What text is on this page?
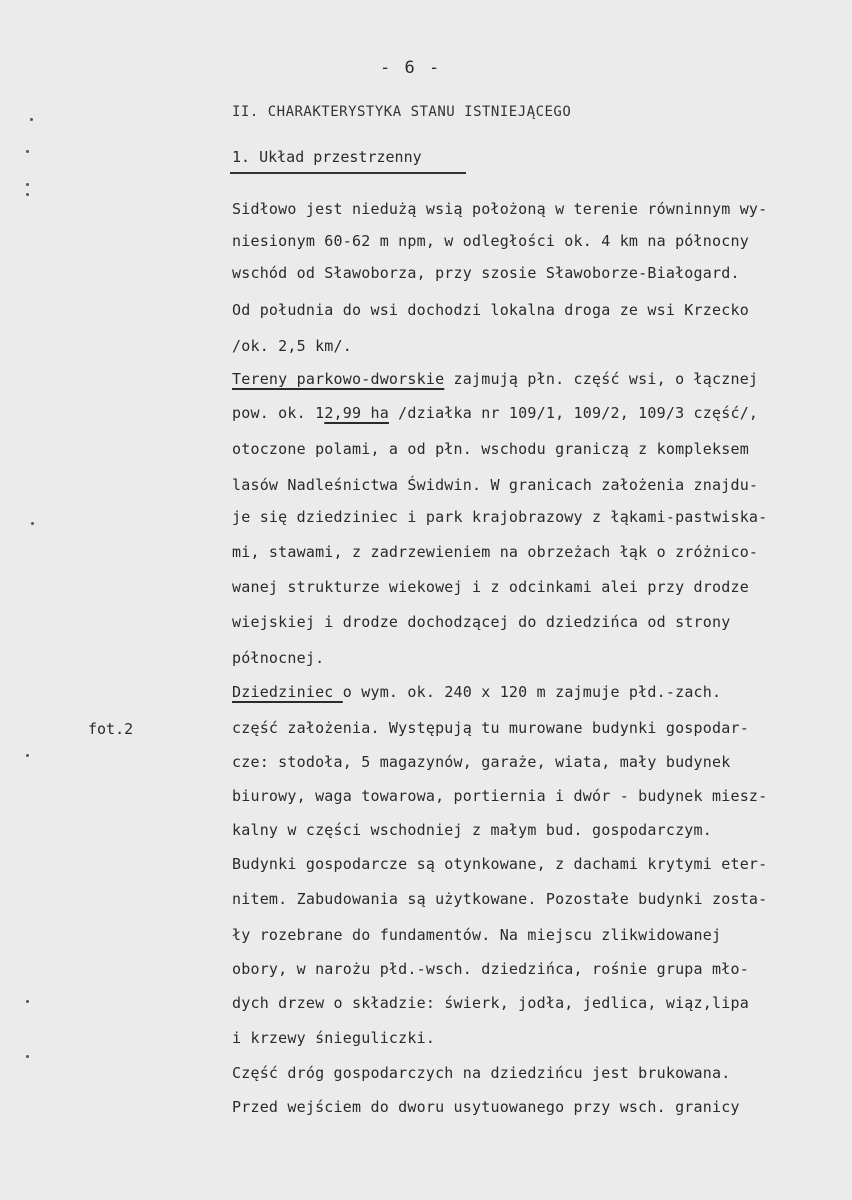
- 6 -
II. CHARAKTERYSTYKA STANU ISTNIEJĄCEGO
1. Układ przestrzenny
fot.2
Sidłowo jest niedużą wsią położoną w terenie równinnym wy-
niesionym 60-62 m npm, w odległości ok. 4 km na północny
wschód od Sławoborza, przy szosie Sławoborze-Białogard.
Od południa do wsi dochodzi lokalna droga ze wsi Krzecko
/ok. 2,5 km/.
Tereny parkowo-dworskie zajmują płn. część wsi, o łącznej
pow. ok. 12,99 ha /działka nr 109/1, 109/2, 109/3 część/,
otoczone polami, a od płn. wschodu graniczą z kompleksem
lasów Nadleśnictwa Świdwin. W granicach założenia znajdu-
je się dziedziniec i park krajobrazowy z łąkami-pastwiska-
mi, stawami, z zadrzewieniem na obrzeżach łąk o zróżnico-
wanej strukturze wiekowej i z odcinkami alei przy drodze
wiejskiej i drodze dochodzącej do dziedzińca od strony
północnej.
Dziedziniec o wym. ok. 240 x 120 m zajmuje płd.-zach.
część założenia. Występują tu murowane budynki gospodar-
cze: stodoła, 5 magazynów, garaże, wiata, mały budynek
biurowy, waga towarowa, portiernia i dwór - budynek miesz-
kalny w części wschodniej z małym bud. gospodarczym.
Budynki gospodarcze są otynkowane, z dachami krytymi eter-
nitem. Zabudowania są użytkowane. Pozostałe budynki zosta-
ły rozebrane do fundamentów. Na miejscu zlikwidowanej
obory, w narożu płd.-wsch. dziedzińca, rośnie grupa mło-
dych drzew o składzie: świerk, jodła, jedlica, wiąz,lipa
i krzewy śnieguliczki.
Część dróg gospodarczych na dziedzińcu jest brukowana.
Przed wejściem do dworu usytuowanego przy wsch. granicy
